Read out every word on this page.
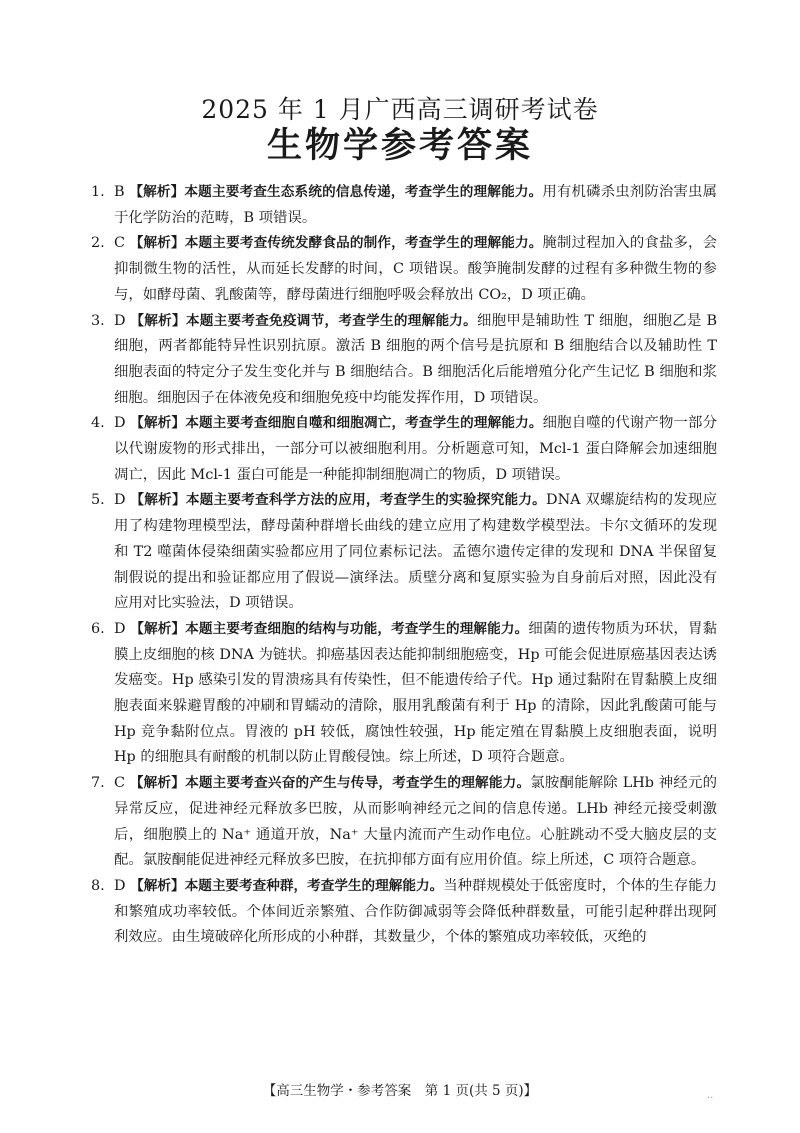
2025 年 1 月广西高三调研考试卷
生物学参考答案
1. B 【解析】本题主要考查生态系统的信息传递，考查学生的理解能力。用有机磷杀虫剂防治害虫属于化学防治的范畴，B 项错误。
2. C 【解析】本题主要考查传统发酵食品的制作，考查学生的理解能力。腌制过程加入的食盐多，会抑制微生物的活性，从而延长发酵的时间，C 项错误。酸笋腌制发酵的过程有多种微生物的参与，如酵母菌、乳酸菌等，酵母菌进行细胞呼吸会释放出 CO₂，D 项正确。
3. D 【解析】本题主要考查免疫调节，考查学生的理解能力。细胞甲是辅助性 T 细胞，细胞乙是 B 细胞，两者都能特异性识别抗原。激活 B 细胞的两个信号是抗原和 B 细胞结合以及辅助性 T 细胞表面的特定分子发生变化并与 B 细胞结合。B 细胞活化后能增殖分化产生记忆 B 细胞和浆细胞。细胞因子在体液免疫和细胞免疫中均能发挥作用，D 项错误。
4. D 【解析】本题主要考查细胞自噬和细胞凋亡，考查学生的理解能力。细胞自噬的代谢产物一部分以代谢废物的形式排出，一部分可以被细胞利用。分析题意可知，Mcl-1 蛋白降解会加速细胞凋亡，因此 Mcl-1 蛋白可能是一种能抑制细胞凋亡的物质，D 项错误。
5. D 【解析】本题主要考查科学方法的应用，考查学生的实验探究能力。DNA 双螺旋结构的发现应用了构建物理模型法，酵母菌种群增长曲线的建立应用了构建数学模型法。卡尔文循环的发现和 T2 噬菌体侵染细菌实验都应用了同位素标记法。孟德尔遗传定律的发现和 DNA 半保留复制假说的提出和验证都应用了假说—演绎法。质壁分离和复原实验为自身前后对照，因此没有应用对比实验法，D 项错误。
6. D 【解析】本题主要考查细胞的结构与功能，考查学生的理解能力。细菌的遗传物质为环状，胃黏膜上皮细胞的核 DNA 为链状。抑癌基因表达能抑制细胞癌变，Hp 可能会促进原癌基因表达诱发癌变。Hp 感染引发的胃溃疡具有传染性，但不能遗传给子代。Hp 通过黏附在胃黏膜上皮细胞表面来躲避胃酸的冲刷和胃蠕动的清除，服用乳酸菌有利于 Hp 的清除，因此乳酸菌可能与 Hp 竞争黏附位点。胃液的 pH 较低，腐蚀性较强，Hp 能定殖在胃黏膜上皮细胞表面，说明 Hp 的细胞具有耐酸的机制以防止胃酸侵蚀。综上所述，D 项符合题意。
7. C 【解析】本题主要考查兴奋的产生与传导，考查学生的理解能力。氯胺酮能解除 LHb 神经元的异常反应，促进神经元释放多巴胺，从而影响神经元之间的信息传递。LHb 神经元接受刺激后，细胞膜上的 Na⁺ 通道开放，Na⁺ 大量内流而产生动作电位。心脏跳动不受大脑皮层的支配。氯胺酮能促进神经元释放多巴胺，在抗抑郁方面有应用价值。综上所述，C 项符合题意。
8. D 【解析】本题主要考查种群，考查学生的理解能力。当种群规模处于低密度时，个体的生存能力和繁殖成功率较低。个体间近亲繁殖、合作防御减弱等会降低种群数量，可能引起种群出现阿利效应。由生境破碎化所形成的小种群，其数量少，个体的繁殖成功率较低，灭绝的
【高三生物学・参考答案　第 1 页(共 5 页)】	..
